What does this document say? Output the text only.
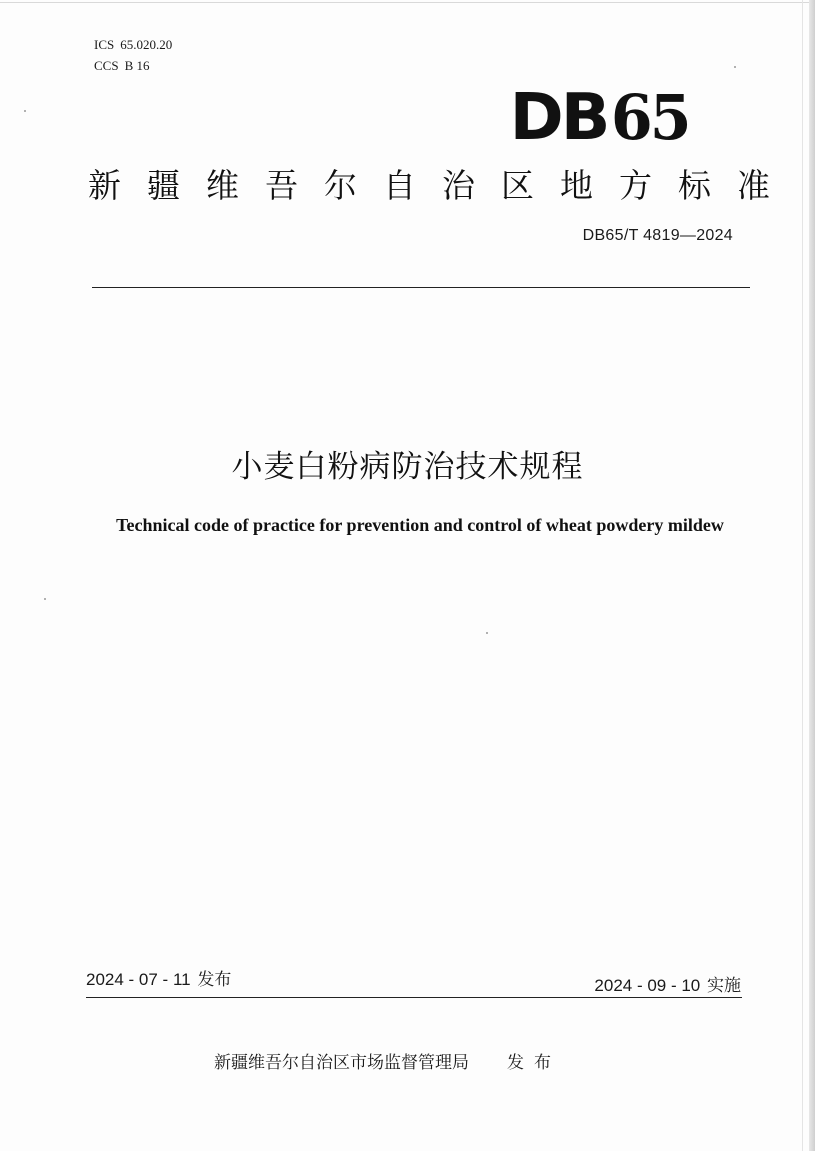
ICS 65.020.20
CCS B 16
DB65
新疆维吾尔自治区地方标准
DB65/T 4819—2024
小麦白粉病防治技术规程
Technical code of practice for prevention and control of wheat powdery mildew
2024 - 07 - 11 发布	2024 - 09 - 10 实施
新疆维吾尔自治区市场监督管理局 发布
